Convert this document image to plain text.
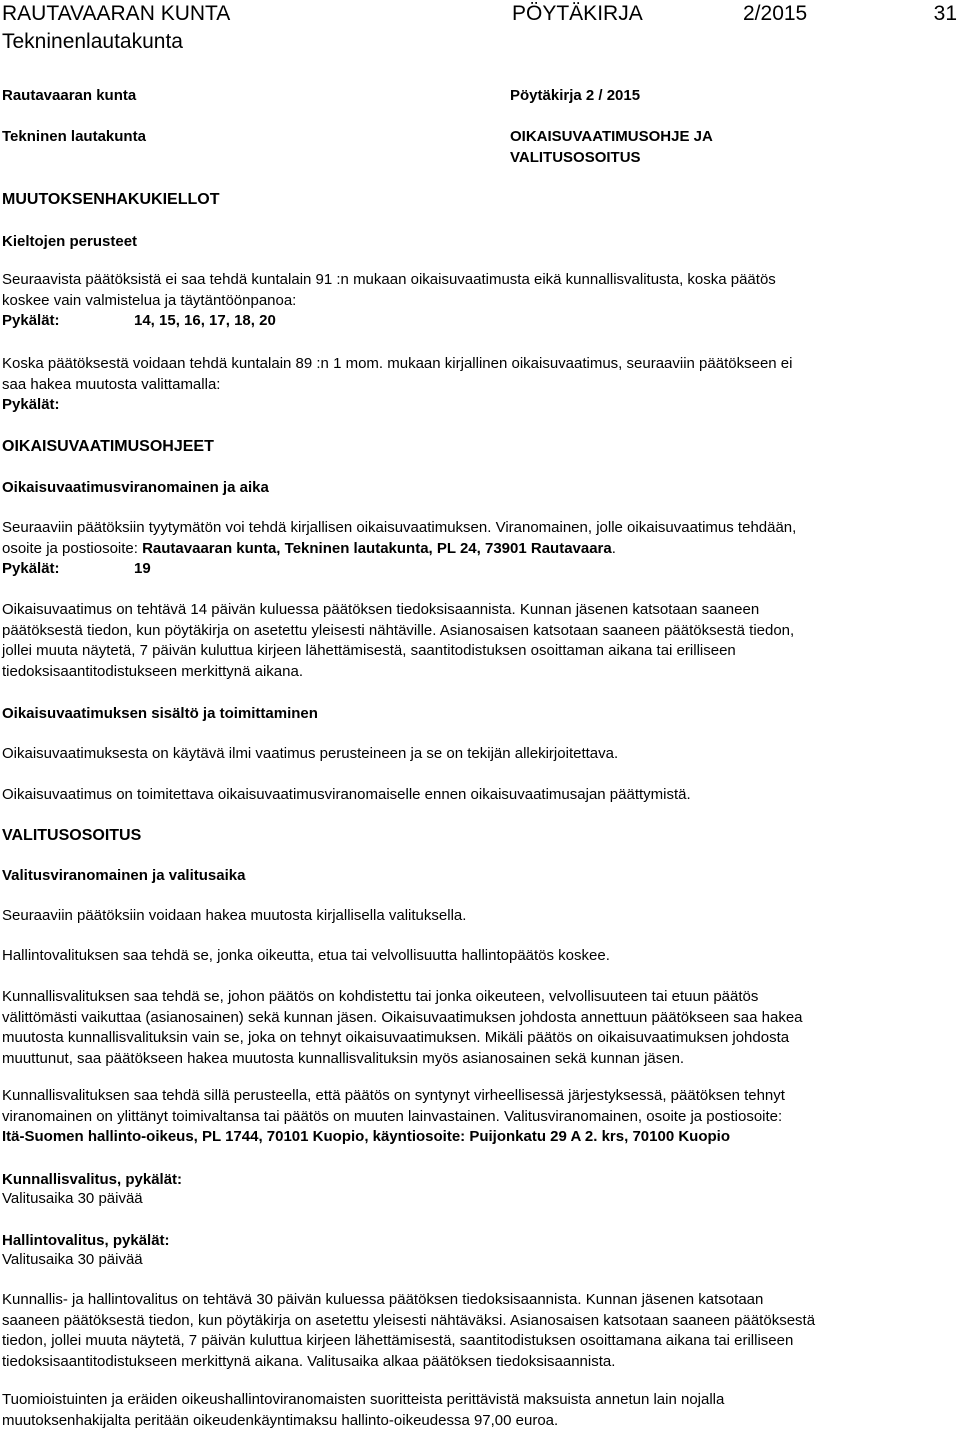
RAUTAVAARAN KUNTA
Tekninenlautakunta
PÖYTÄKIRJA	2/2015	31
Rautavaaran kunta	Pöytäkirja 2 / 2015
Tekninen lautakunta	OIKAISUVAATIMUSOHJE JA
VALITUSOSOITUS
MUUTOKSENHAKUKIELLOT
Kieltojen perusteet
Seuraavista päätöksistä ei saa tehdä kuntalain 91 :n mukaan oikaisuvaatimusta eikä kunnallisvalitusta, koska päätös
koskee vain valmistelua ja täytäntöönpanoa:
Pykälät:	14, 15, 16, 17, 18, 20
Koska päätöksestä voidaan tehdä kuntalain 89 :n 1 mom. mukaan kirjallinen oikaisuvaatimus, seuraaviin päätökseen ei
saa hakea muutosta valittamalla:
Pykälät:
OIKAISUVAATIMUSOHJEET
Oikaisuvaatimusviranomainen ja aika
Seuraaviin päätöksiin tyytymätön voi tehdä kirjallisen oikaisuvaatimuksen. Viranomainen, jolle oikaisuvaatimus tehdään,
osoite ja postiosoite: Rautavaaran kunta, Tekninen lautakunta, PL 24, 73901 Rautavaara.
Pykälät:	19
Oikaisuvaatimus on tehtävä 14 päivän kuluessa päätöksen tiedoksisaannista. Kunnan jäsenen katsotaan saaneen
päätöksestä tiedon, kun pöytäkirja on asetettu yleisesti nähtäville. Asianosaisen katsotaan saaneen päätöksestä tiedon,
jollei muuta näytetä, 7 päivän kuluttua kirjeen lähettämisestä, saantitodistuksen osoittaman aikana tai erilliseen
tiedoksisaantitodistukseen merkittynä aikana.
Oikaisuvaatimuksen sisältö ja toimittaminen
Oikaisuvaatimuksesta on käytävä ilmi vaatimus perusteineen ja se on tekijän allekirjoitettava.
Oikaisuvaatimus on toimitettava oikaisuvaatimusviranomaiselle ennen oikaisuvaatimusajan päättymistä.
VALITUSOSOITUS
Valitusviranomainen ja valitusaika
Seuraaviin päätöksiin voidaan hakea muutosta kirjallisella valituksella.
Hallintovalituksen saa tehdä se, jonka oikeutta, etua tai velvollisuutta hallintopäätös koskee.
Kunnallisvalituksen saa tehdä se, johon päätös on kohdistettu tai jonka oikeuteen, velvollisuuteen tai etuun päätös
välittömästi vaikuttaa (asianosainen) sekä kunnan jäsen. Oikaisuvaatimuksen johdosta annettuun päätökseen saa hakea
muutosta kunnallisvalituksin vain se, joka on tehnyt oikaisuvaatimuksen. Mikäli päätös on oikaisuvaatimuksen johdosta
muuttunut, saa päätökseen hakea muutosta kunnallisvalituksin myös asianosainen sekä kunnan jäsen.
Kunnallisvalituksen saa tehdä sillä perusteella, että päätös on syntynyt virheellisessä järjestyksessä, päätöksen tehnyt
viranomainen on ylittänyt toimivaltansa tai päätös on muuten lainvastainen. Valitusviranomainen, osoite ja postiosoite:
Itä-Suomen hallinto-oikeus, PL 1744, 70101 Kuopio, käyntiosoite: Puijonkatu 29 A 2. krs, 70100 Kuopio
Kunnallisvalitus, pykälät:
Valitusaika 30 päivää
Hallintovalitus, pykälät:
Valitusaika 30 päivää
Kunnallis- ja hallintovalitus on tehtävä 30 päivän kuluessa päätöksen tiedoksisaannista. Kunnan jäsenen katsotaan
saaneen päätöksestä tiedon, kun pöytäkirja on asetettu yleisesti nähtäväksi. Asianosaisen katsotaan saaneen päätöksestä
tiedon, jollei muuta näytetä, 7 päivän kuluttua kirjeen lähettämisestä, saantitodistuksen osoittamana aikana tai erilliseen
tiedoksisaantitodistukseen merkittynä aikana. Valitusaika alkaa päätöksen tiedoksisaannista.
Tuomioistuinten ja eräiden oikeushallintoviranomaisten suoritteista perittävistä maksuista annetun lain nojalla
muutoksenhakijalta peritään oikeudenkäyntimaksu hallinto-oikeudessa 97,00 euroa.
